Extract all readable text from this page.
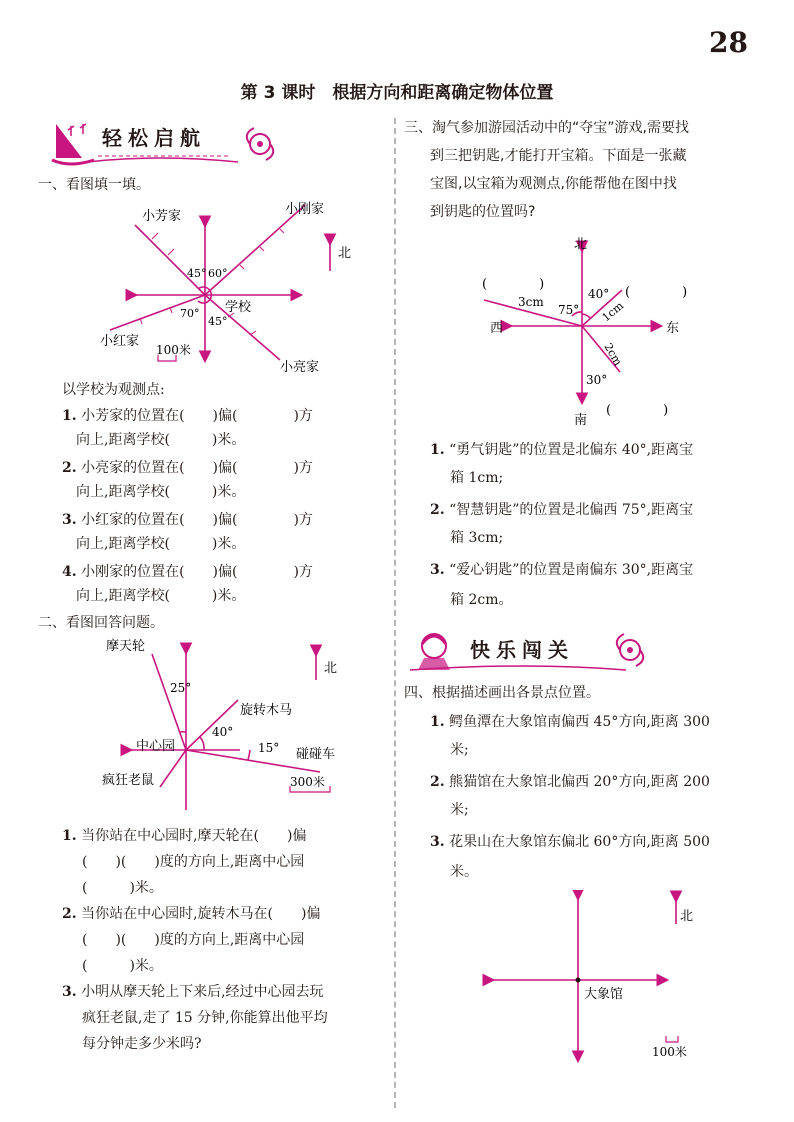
28
第 3 课时　根据方向和距离确定物体位置
轻松启航
一、看图填一填。
小芳家	小刚家
小红家
小亮家
学校
北
45° 60°
70°
45°
100米
以学校为观测点:
1. 小芳家的位置在(　　)偏(　　　　)方
向上,距离学校(　　　)米。
2. 小亮家的位置在(　　)偏(　　　　)方
向上,距离学校(　　　)米。
3. 小红家的位置在(　　)偏(　　　　)方
向上,距离学校(　　　)米。
4. 小刚家的位置在(　　)偏(　　　　)方
向上,距离学校(　　　)米。
二、看图回答问题。
摩天轮
旋转木马
中心园
碰碰车
疯狂老鼠
北
25°
40°
15°
300米
1. 当你站在中心园时,摩天轮在(　　)偏
(　　)(　　)度的方向上,距离中心园
(　　　)米。
2. 当你站在中心园时,旋转木马在(　　)偏
(　　)(　　)度的方向上,距离中心园
(　　　)米。
3. 小明从摩天轮上下来后,经过中心园去玩
疯狂老鼠,走了 15 分钟,你能算出他平均
每分钟走多少米吗?
三、淘气参加游园活动中的“夺宝”游戏,需要找
到三把钥匙,才能打开宝箱。下面是一张藏
宝图,以宝箱为观测点,你能帮他在图中找
到钥匙的位置吗?
北
南
西	东
(　　　　)
(　　　　)
(　　　　)
3cm	1cm
2cm
75°
40°
30°
1. “勇气钥匙”的位置是北偏东 40°,距离宝
箱 1cm;
2. “智慧钥匙”的位置是北偏西 75°,距离宝
箱 3cm;
3. “爱心钥匙”的位置是南偏东 30°,距离宝
箱 2cm。
快乐闯关
四、根据描述画出各景点位置。
1. 鳄鱼潭在大象馆南偏西 45°方向,距离 300
米;
2. 熊猫馆在大象馆北偏西 20°方向,距离 200
米;
3. 花果山在大象馆东偏北 60°方向,距离 500
米。
大象馆
北
100米
